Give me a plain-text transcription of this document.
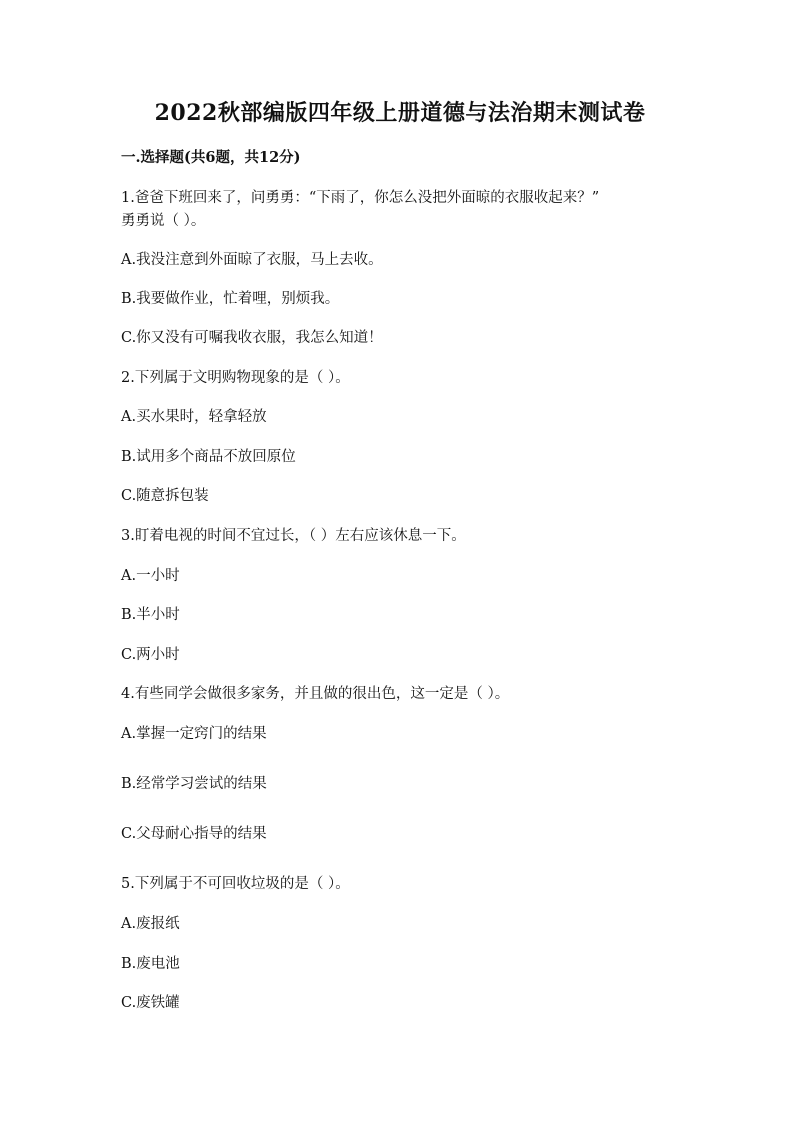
2022秋部编版四年级上册道德与法治期末测试卷
一.选择题(共6题，共12分)
1.爸爸下班回来了，问勇勇：“下雨了，你怎么没把外面晾的衣服收起来？”
勇勇说（ ）。
A.我没注意到外面晾了衣服，马上去收。
B.我要做作业，忙着哩，别烦我。
C.你又没有可嘱我收衣服，我怎么知道！
2.下列属于文明购物现象的是（ ）。
A.买水果时，轻拿轻放
B.试用多个商品不放回原位
C.随意拆包装
3.盯着电视的时间不宜过长，（ ）左右应该休息一下。
A.一小时
B.半小时
C.两小时
4.有些同学会做很多家务，并且做的很出色，这一定是（ ）。
A.掌握一定窍门的结果
B.经常学习尝试的结果
C.父母耐心指导的结果
5.下列属于不可回收垃圾的是（ ）。
A.废报纸
B.废电池
C.废铁罐
